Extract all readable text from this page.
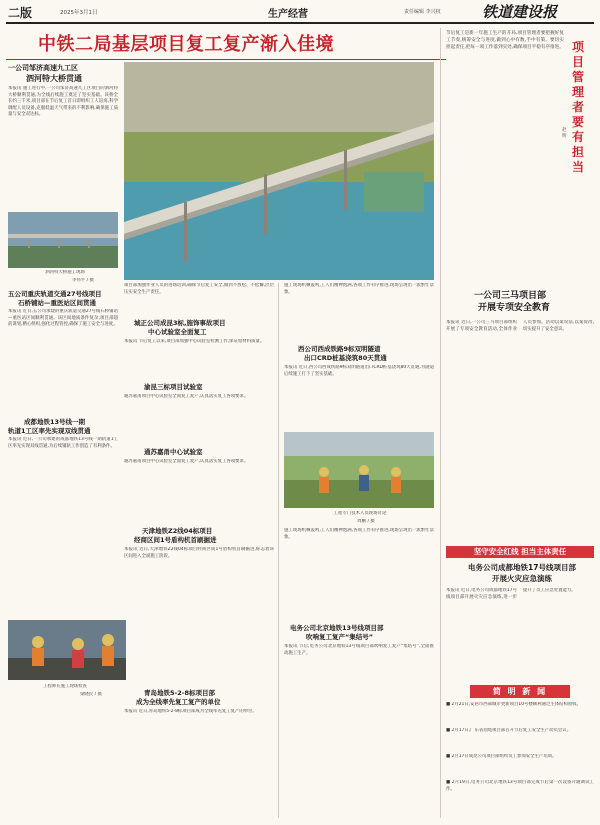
二版	2025年3月1日	生产经营	责任编辑 李兴权	铁道建设报
中铁二局基层项目复工复产渐入佳境
一公司邹济高速九工区
泗河特大桥贯通
本报讯 施工进行中,一公司邹济高速九工区项目的泗河特大桥顺利贯通,为全线后续施工奠定了坚实基础。该桥全长约三千米,项目部在节后复工首日即组织工人返岗,科学调配人员设备,克服低温天气带来的不利影响,确保施工质量与安全双达标。
泗河特大桥施工现场
李伟平 / 摄
五公司重庆轨道交通27号线项目
石桥铺站—重医站区间贯通
本报讯 近日,五公司承建的重庆轨道交通27号线石桥铺站—重医站区间顺利贯通。该区间地质条件复杂,项目部超前谋划,精心组织,强化过程管控,确保了施工安全与进度。
成都地铁13号线一期
轨道1工区率先实现双线贯通
本报讯 近日,一公司承建的成都地铁13号线一期轨道1工区率先实现双线贯通,为后续铺轨工作创造了有利条件。
工程师在施工现场检查
梁晓民 / 摄
项目部加强作业人员的进场培训,确保节后复工安全,做到不放松、不松懈,层层压实安全生产责任。
城正公司成昆3标,施饰事故项目
中心试验室全面复工
本报讯 节后复工以来,项目部加强中心试验室检测工作,保证原材料质量。
渝昆三标项目试验室
通苏嘉甬项目中心试验室全面复工复产,认真落实复工各项要求。
通苏嘉甬中心试验室
通苏嘉甬项目中心试验室全面复工复产,认真落实复工各项要求。
天津地铁Z2线04标项目
经商区间1号盾构机首刷掘进
本报讯 近日,天津地铁Z2线04标项目经商区间1号盾构机首刷掘进,标志着该区间进入全面施工阶段。
青岛地铁5-2-8标项目部
成为全线率先复工复产的单位
本报讯 近日,青岛地铁5-2-8标项目部成为全线率先复工复产的单位。
施工现场机械轰鸣,工人们精神饱满,各项工作有序推进,现场呈现出一派繁忙景象。
西公司西成铁路9标双明隧道
出口CRD桩基浇筑80天贯通
本报讯 近日,西公司西成铁路9标双明隧道出口CRD桩基浇筑80天贯通,为隧道后续施工打下了坚实基础。
工程专门技术人员现场讨论
周鹏 / 摄
施工现场机械轰鸣,工人们精神饱满,各项工作有序推进,现场呈现出一派繁忙景象。
电务公司北京地铁13号线项目部
吹响复工复产“集结号”
本报讯 节后,电务公司北京地铁13号线项目部吹响复工复产“集结号”,全面推动施工生产。
节后复工是新一年施工生产的开局,项目管理者要把握好复工节奏,统筹安全与进度,做到心中有数,手中有策。要切实担起责任,把每一项工作落到实处,确保项目平稳有序推进。 项目管理者要有担当
赵明
一公司三马项目部
开展专项安全教育
本报讯 近日,一公司三马项目部组织开展了专项安全教育活动,全体作业人员参加。活动以案说法,以案促改,切实提升了安全意识。
坚守安全红线 担当主体责任
电务公司成都地铁17号线项目部
开展火灾应急演练
本报讯 近日,电务公司成都地铁17号线项目部开展火灾应急演练,进一步提升了员工应急处置能力。
简 明 新 闻
■ 2月21日,安居市西部城市更新项目10号楼顺利通过主体结构验收。
■ 2月17日,广东省汕尾项目部召开节后复工安全生产动员会议。
■ 2月17日成昆公司项目部组织员工参加安全生产培训。
■ 2月19日,电务公司北京地铁13号项目部完成节后第一次设备开通调试工作。
